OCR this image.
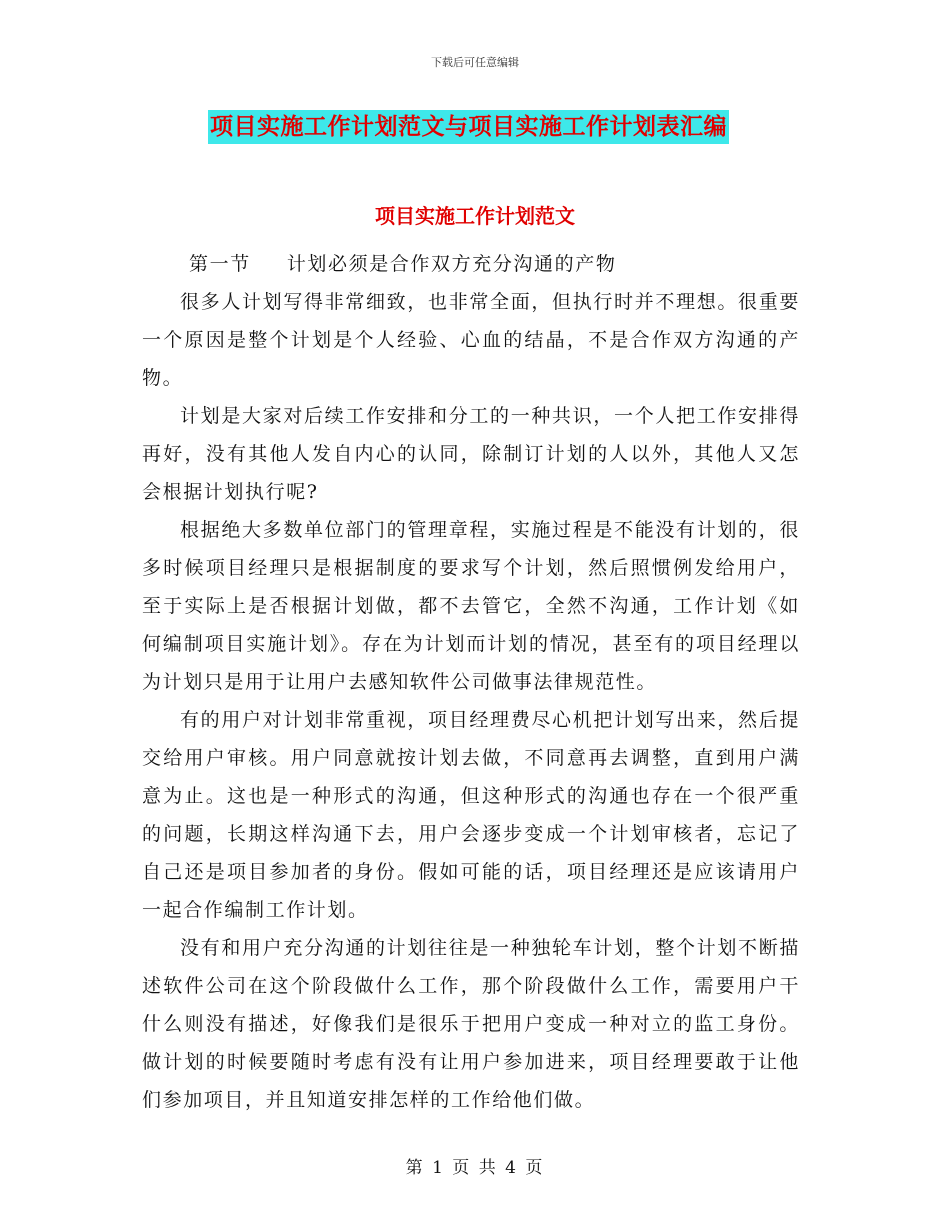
下载后可任意编辑
项目实施工作计划范文与项目实施工作计划表汇编
项目实施工作计划范文
第一节 计划必须是合作双方充分沟通的产物

很多人计划写得非常细致，也非常全面，但执行时并不理想。很重要一个原因是整个计划是个人经验、心血的结晶，不是合作双方沟通的产物。

计划是大家对后续工作安排和分工的一种共识，一个人把工作安排得再好，没有其他人发自内心的认同，除制订计划的人以外，其他人又怎会根据计划执行呢?

根据绝大多数单位部门的管理章程，实施过程是不能没有计划的，很多时候项目经理只是根据制度的要求写个计划，然后照惯例发给用户，至于实际上是否根据计划做，都不去管它，全然不沟通，工作计划《如何编制项目实施计划》。存在为计划而计划的情况，甚至有的项目经理以为计划只是用于让用户去感知软件公司做事法律规范性。

有的用户对计划非常重视，项目经理费尽心机把计划写出来，然后提交给用户审核。用户同意就按计划去做，不同意再去调整，直到用户满意为止。这也是一种形式的沟通，但这种形式的沟通也存在一个很严重的问题，长期这样沟通下去，用户会逐步变成一个计划审核者，忘记了自己还是项目参加者的身份。假如可能的话，项目经理还是应该请用户一起合作编制工作计划。

没有和用户充分沟通的计划往往是一种独轮车计划，整个计划不断描述软件公司在这个阶段做什么工作，那个阶段做什么工作，需要用户干什么则没有描述，好像我们是很乐于把用户变成一种对立的监工身份。做计划的时候要随时考虑有没有让用户参加进来，项目经理要敢于让他们参加项目，并且知道安排怎样的工作给他们做。

第 1 页 共 4 页
